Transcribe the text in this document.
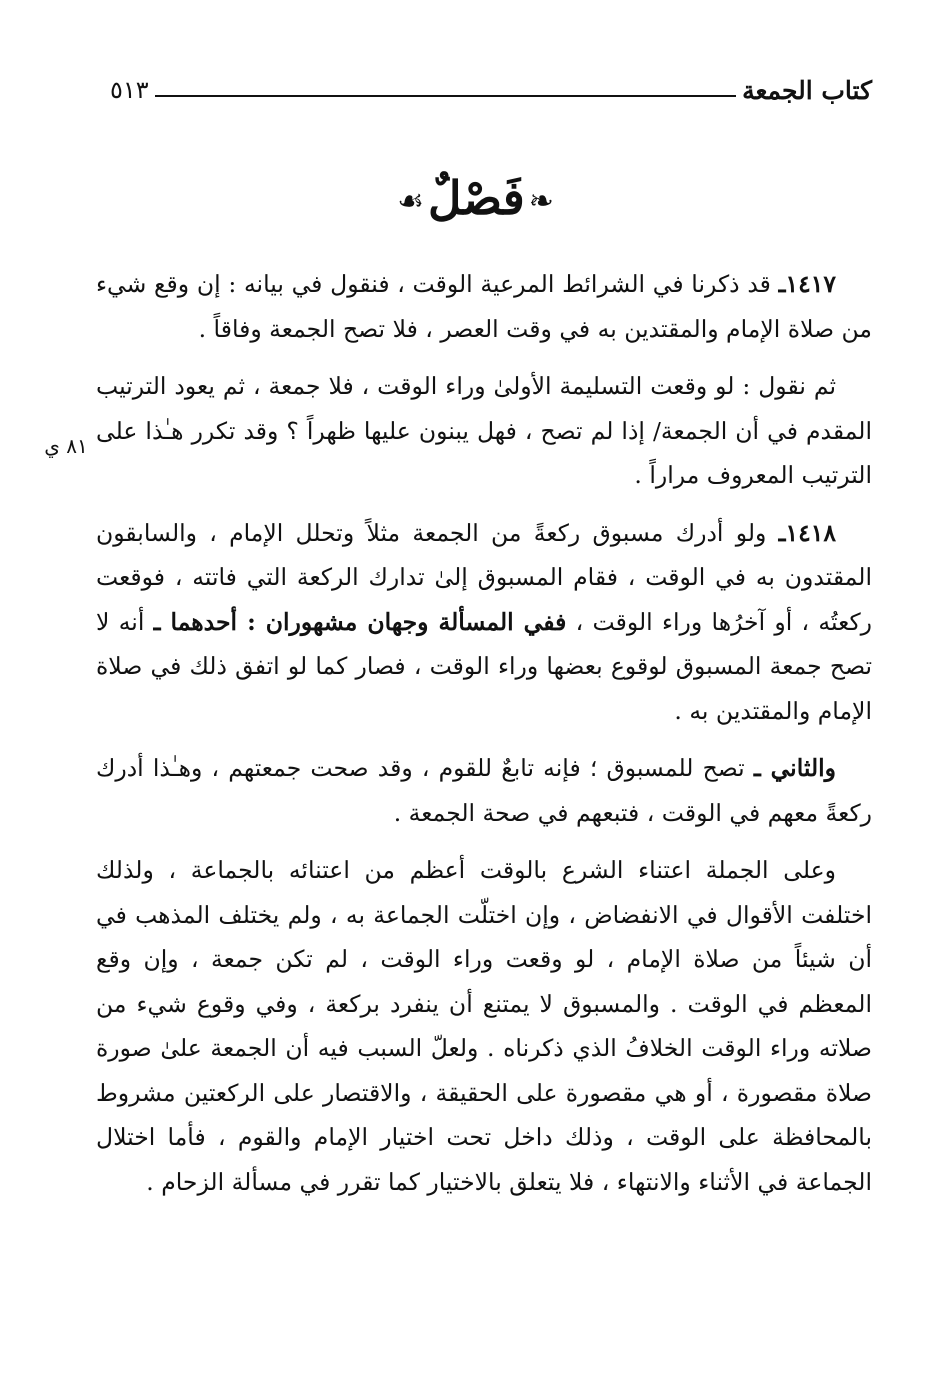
كتاب الجمعة
٥١٣
❧فَصْلٌ☙
٨١ ي

١٤١٧ـ قد ذكرنا في الشرائط المرعية الوقت ، فنقول في بيانه : إن وقع شيء من صلاة الإمام والمقتدين به في وقت العصر ، فلا تصح الجمعة وفاقاً .

ثم نقول : لو وقعت التسليمة الأولىٰ وراء الوقت ، فلا جمعة ، ثم يعود الترتيب المقدم في أن الجمعة/ إذا لم تصح ، فهل يبنون عليها ظهراً ؟ وقد تكرر هـٰذا على الترتيب المعروف مراراً .

١٤١٨ـ ولو أدرك مسبوق ركعةً من الجمعة مثلاً وتحلل الإمام ، والسابقون المقتدون به في الوقت ، فقام المسبوق إلىٰ تدارك الركعة التي فاتته ، فوقعت ركعتُه ، أو آخرُها وراء الوقت ، ففي المسألة وجهان مشهوران : أحدهما ـ أنه لا تصح جمعة المسبوق لوقوع بعضها وراء الوقت ، فصار كما لو اتفق ذلك في صلاة الإمام والمقتدين به .

والثاني ـ تصح للمسبوق ؛ فإنه تابعٌ للقوم ، وقد صحت جمعتهم ، وهـٰذا أدرك ركعةً معهم في الوقت ، فتبعهم في صحة الجمعة .

وعلى الجملة اعتناء الشرع بالوقت أعظم من اعتنائه بالجماعة ، ولذلك اختلفت الأقوال في الانفضاض ، وإن اختلّت الجماعة به ، ولم يختلف المذهب في أن شيئاً من صلاة الإمام ، لو وقعت وراء الوقت ، لم تكن جمعة ، وإن وقع المعظم في الوقت . والمسبوق لا يمتنع أن ينفرد بركعة ، وفي وقوع شيء من صلاته وراء الوقت الخلافُ الذي ذكرناه . ولعلّ السبب فيه أن الجمعة علىٰ صورة صلاة مقصورة ، أو هي مقصورة على الحقيقة ، والاقتصار على الركعتين مشروط بالمحافظة على الوقت ، وذلك داخل تحت اختيار الإمام والقوم ، فأما اختلال الجماعة في الأثناء والانتهاء ، فلا يتعلق بالاختيار كما تقرر في مسألة الزحام .
